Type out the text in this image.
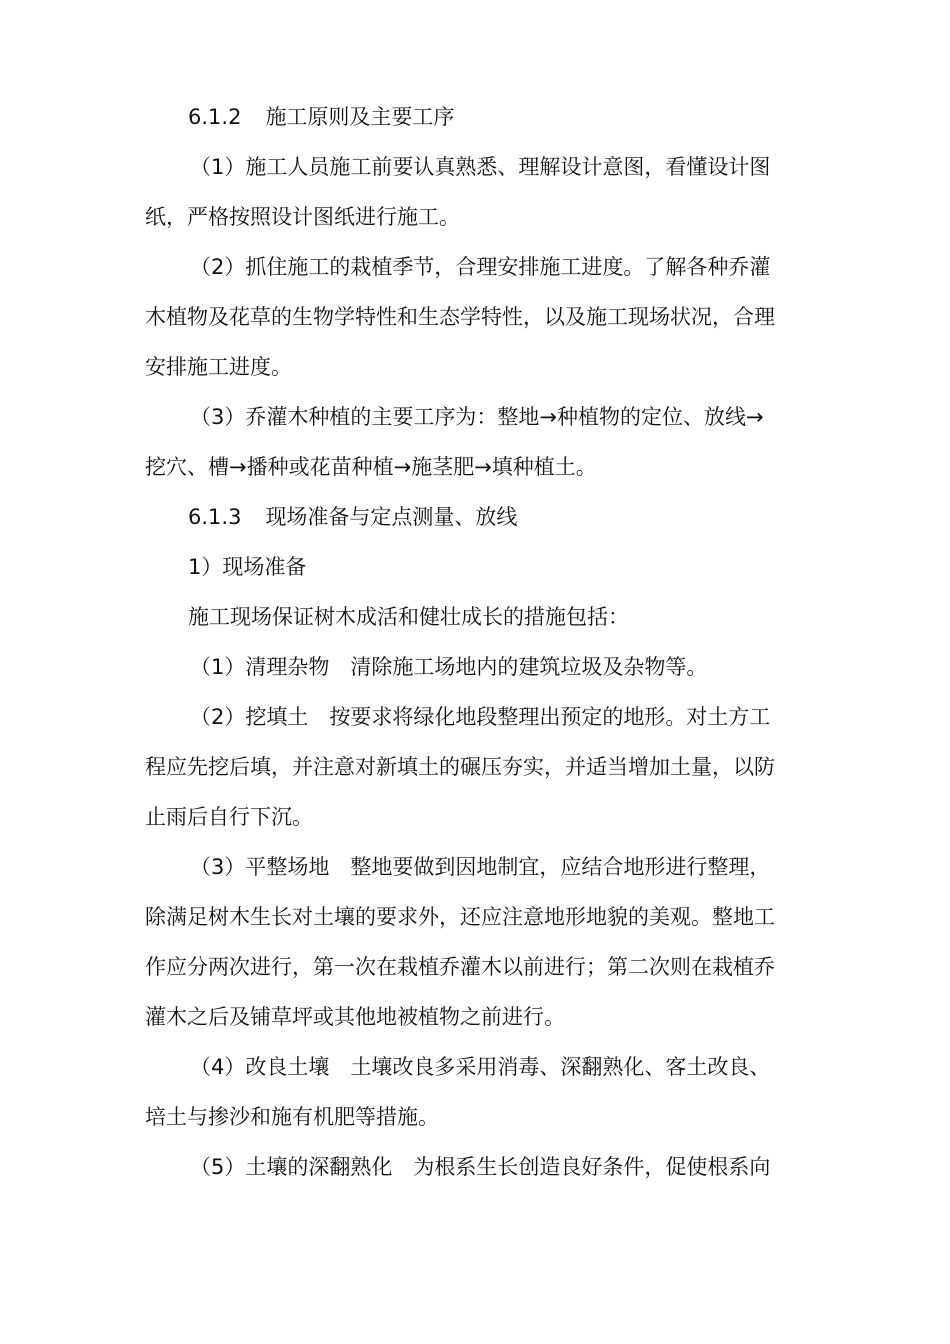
6.1.2 施工原则及主要工序
（1）施工人员施工前要认真熟悉、理解设计意图，看懂设计图
纸，严格按照设计图纸进行施工。
（2）抓住施工的栽植季节，合理安排施工进度。了解各种乔灌
木植物及花草的生物学特性和生态学特性，以及施工现场状况，合理
安排施工进度。
（3）乔灌木种植的主要工序为：整地→种植物的定位、放线→
挖穴、槽→播种或花苗种植→施茎肥→填种植土。
6.1.3 现场准备与定点测量、放线
1）现场准备
施工现场保证树木成活和健壮成长的措施包括：
（1）清理杂物　清除施工场地内的建筑垃圾及杂物等。
（2）挖填土　按要求将绿化地段整理出预定的地形。对土方工
程应先挖后填，并注意对新填土的碾压夯实，并适当增加土量，以防
止雨后自行下沉。
（3）平整场地　整地要做到因地制宜，应结合地形进行整理，
除满足树木生长对土壤的要求外，还应注意地形地貌的美观。整地工
作应分两次进行，第一次在栽植乔灌木以前进行；第二次则在栽植乔
灌木之后及铺草坪或其他地被植物之前进行。
（4）改良土壤　土壤改良多采用消毒、深翻熟化、客土改良、
培土与掺沙和施有机肥等措施。
（5）土壤的深翻熟化　为根系生长创造良好条件，促使根系向
